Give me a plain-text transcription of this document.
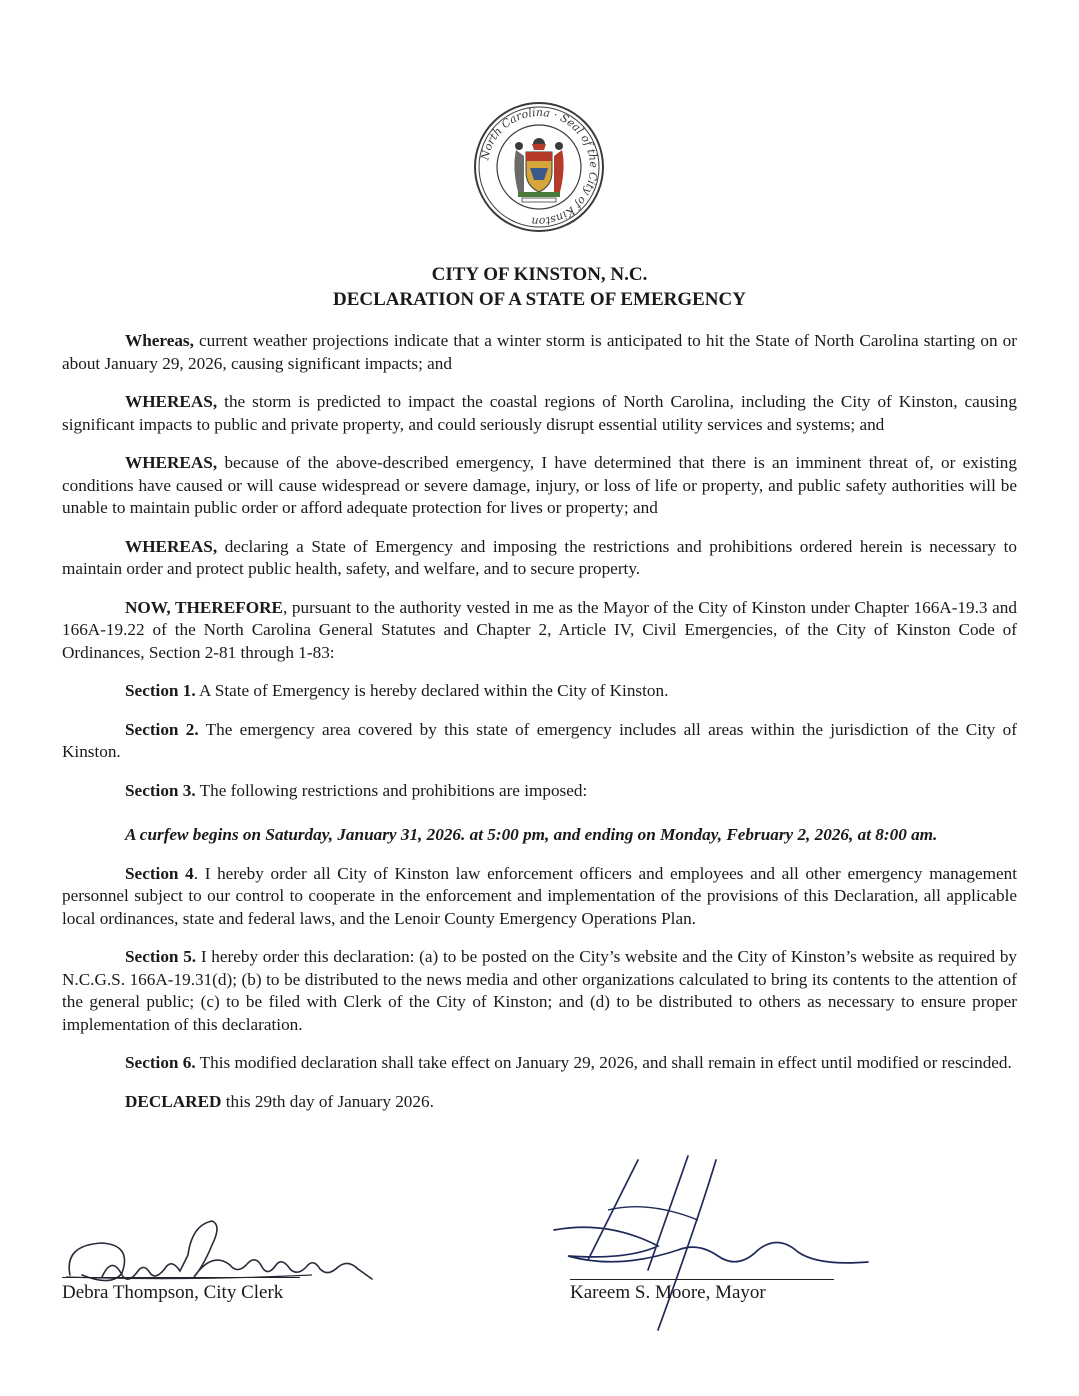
North Carolina · Seal of the City of Kinston
CITY OF KINSTON, N.C.
DECLARATION OF A STATE OF EMERGENCY

Whereas, current weather projections indicate that a winter storm is anticipated to hit the State of North Carolina starting on or about January 29, 2026, causing significant impacts; and

WHEREAS, the storm is predicted to impact the coastal regions of North Carolina, including the City of Kinston, causing significant impacts to public and private property, and could seriously disrupt essential utility services and systems; and

WHEREAS, because of the above-described emergency, I have determined that there is an imminent threat of, or existing conditions have caused or will cause widespread or severe damage, injury, or loss of life or property, and public safety authorities will be unable to maintain public order or afford adequate protection for lives or property; and

WHEREAS, declaring a State of Emergency and imposing the restrictions and prohibitions ordered herein is necessary to maintain order and protect public health, safety, and welfare, and to secure property.

NOW, THEREFORE, pursuant to the authority vested in me as the Mayor of the City of Kinston under Chapter 166A-19.3 and 166A-19.22 of the North Carolina General Statutes and Chapter 2, Article IV, Civil Emergencies, of the City of Kinston Code of Ordinances, Section 2-81 through 1-83:

Section 1. A State of Emergency is hereby declared within the City of Kinston.

Section 2. The emergency area covered by this state of emergency includes all areas within the jurisdiction of the City of Kinston.

Section 3. The following restrictions and prohibitions are imposed:

A curfew begins on Saturday, January 31, 2026. at 5:00 pm, and ending on Monday, February 2, 2026, at 8:00 am.

Section 4. I hereby order all City of Kinston law enforcement officers and employees and all other emergency management personnel subject to our control to cooperate in the enforcement and implementation of the provisions of this Declaration, all applicable local ordinances, state and federal laws, and the Lenoir County Emergency Operations Plan.

Section 5. I hereby order this declaration: (a) to be posted on the City’s website and the City of Kinston’s website as required by N.C.G.S. 166A-19.31(d); (b) to be distributed to the news media and other organizations calculated to bring its contents to the attention of the general public; (c) to be filed with Clerk of the City of Kinston; and (d) to be distributed to others as necessary to ensure proper implementation of this declaration.

Section 6. This modified declaration shall take effect on January 29, 2026, and shall remain in effect until modified or rescinded.

DECLARED this 29th day of January 2026.

Debra Thompson, City Clerk	Kareem S. Moore, Mayor
